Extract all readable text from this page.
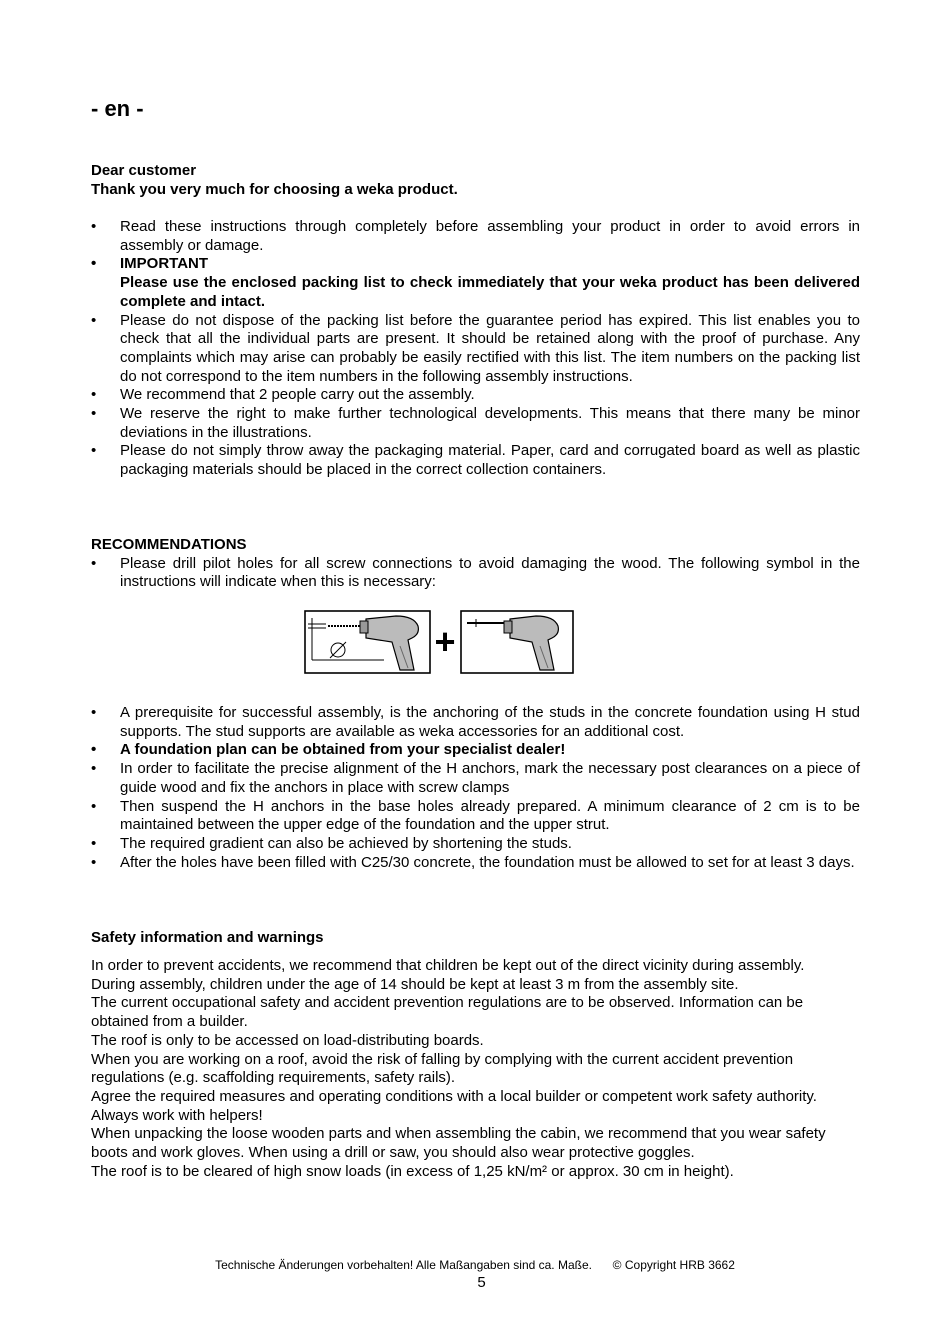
- en -
Dear customer
Thank you very much for choosing a weka product.
• Read these instructions through completely before assembling your product in order to avoid errors in assembly or damage.
• IMPORTANT
Please use the enclosed packing list to check immediately that your weka product has been delivered complete and intact.
• Please do not dispose of the packing list before the guarantee period has expired. This list enables you to check that all the individual parts are present. It should be retained along with the proof of purchase. Any complaints which may arise can probably be easily rectified with this list. The item numbers on the packing list do not correspond to the item numbers in the following assembly instructions.
• We recommend that 2 people carry out the assembly.
• We reserve the right to make further technological developments. This means that there many be minor deviations in the illustrations.
• Please do not simply throw away the packaging material. Paper, card and corrugated board as well as plastic packaging materials should be placed in the correct collection containers.
RECOMMENDATIONS
• Please drill pilot holes for all screw connections to avoid damaging the wood. The following symbol in the instructions will indicate when this is necessary:
+
• A prerequisite for successful assembly, is the anchoring of the studs in the concrete foundation using H stud supports. The stud supports are available as weka accessories for an additional cost.
• A foundation plan can be obtained from your specialist dealer!
• In order to facilitate the precise alignment of the H anchors, mark the necessary post clearances on a piece of guide wood and fix the anchors in place with screw clamps
• Then suspend the H anchors in the base holes already prepared. A minimum clearance of 2 cm is to be maintained between the upper edge of the foundation and the upper strut.
• The required gradient can also be achieved by shortening the studs.
• After the holes have been filled with C25/30 concrete, the foundation must be allowed to set for at least 3 days.
Safety information and warnings

In order to prevent accidents, we recommend that children be kept out of the direct vicinity during assembly.

During assembly, children under the age of 14 should be kept at least 3 m from the assembly site.

The current occupational safety and accident prevention regulations are to be observed. Information can be obtained from a builder.

The roof is only to be accessed on load-distributing boards.

When you are working on a roof, avoid the risk of falling by complying with the current accident prevention regulations (e.g. scaffolding requirements, safety rails).

Agree the required measures and operating conditions with a local builder or competent work safety authority. Always work with helpers!

When unpacking the loose wooden parts and when assembling the cabin, we recommend that you wear safety boots and work gloves. When using a drill or saw, you should also wear protective goggles.

The roof is to be cleared of high snow loads (in excess of 1,25 kN/m² or approx. 30 cm in height).

Technische Änderungen vorbehalten! Alle Maßangaben sind ca. Maße. © Copyright HRB 3662
5
